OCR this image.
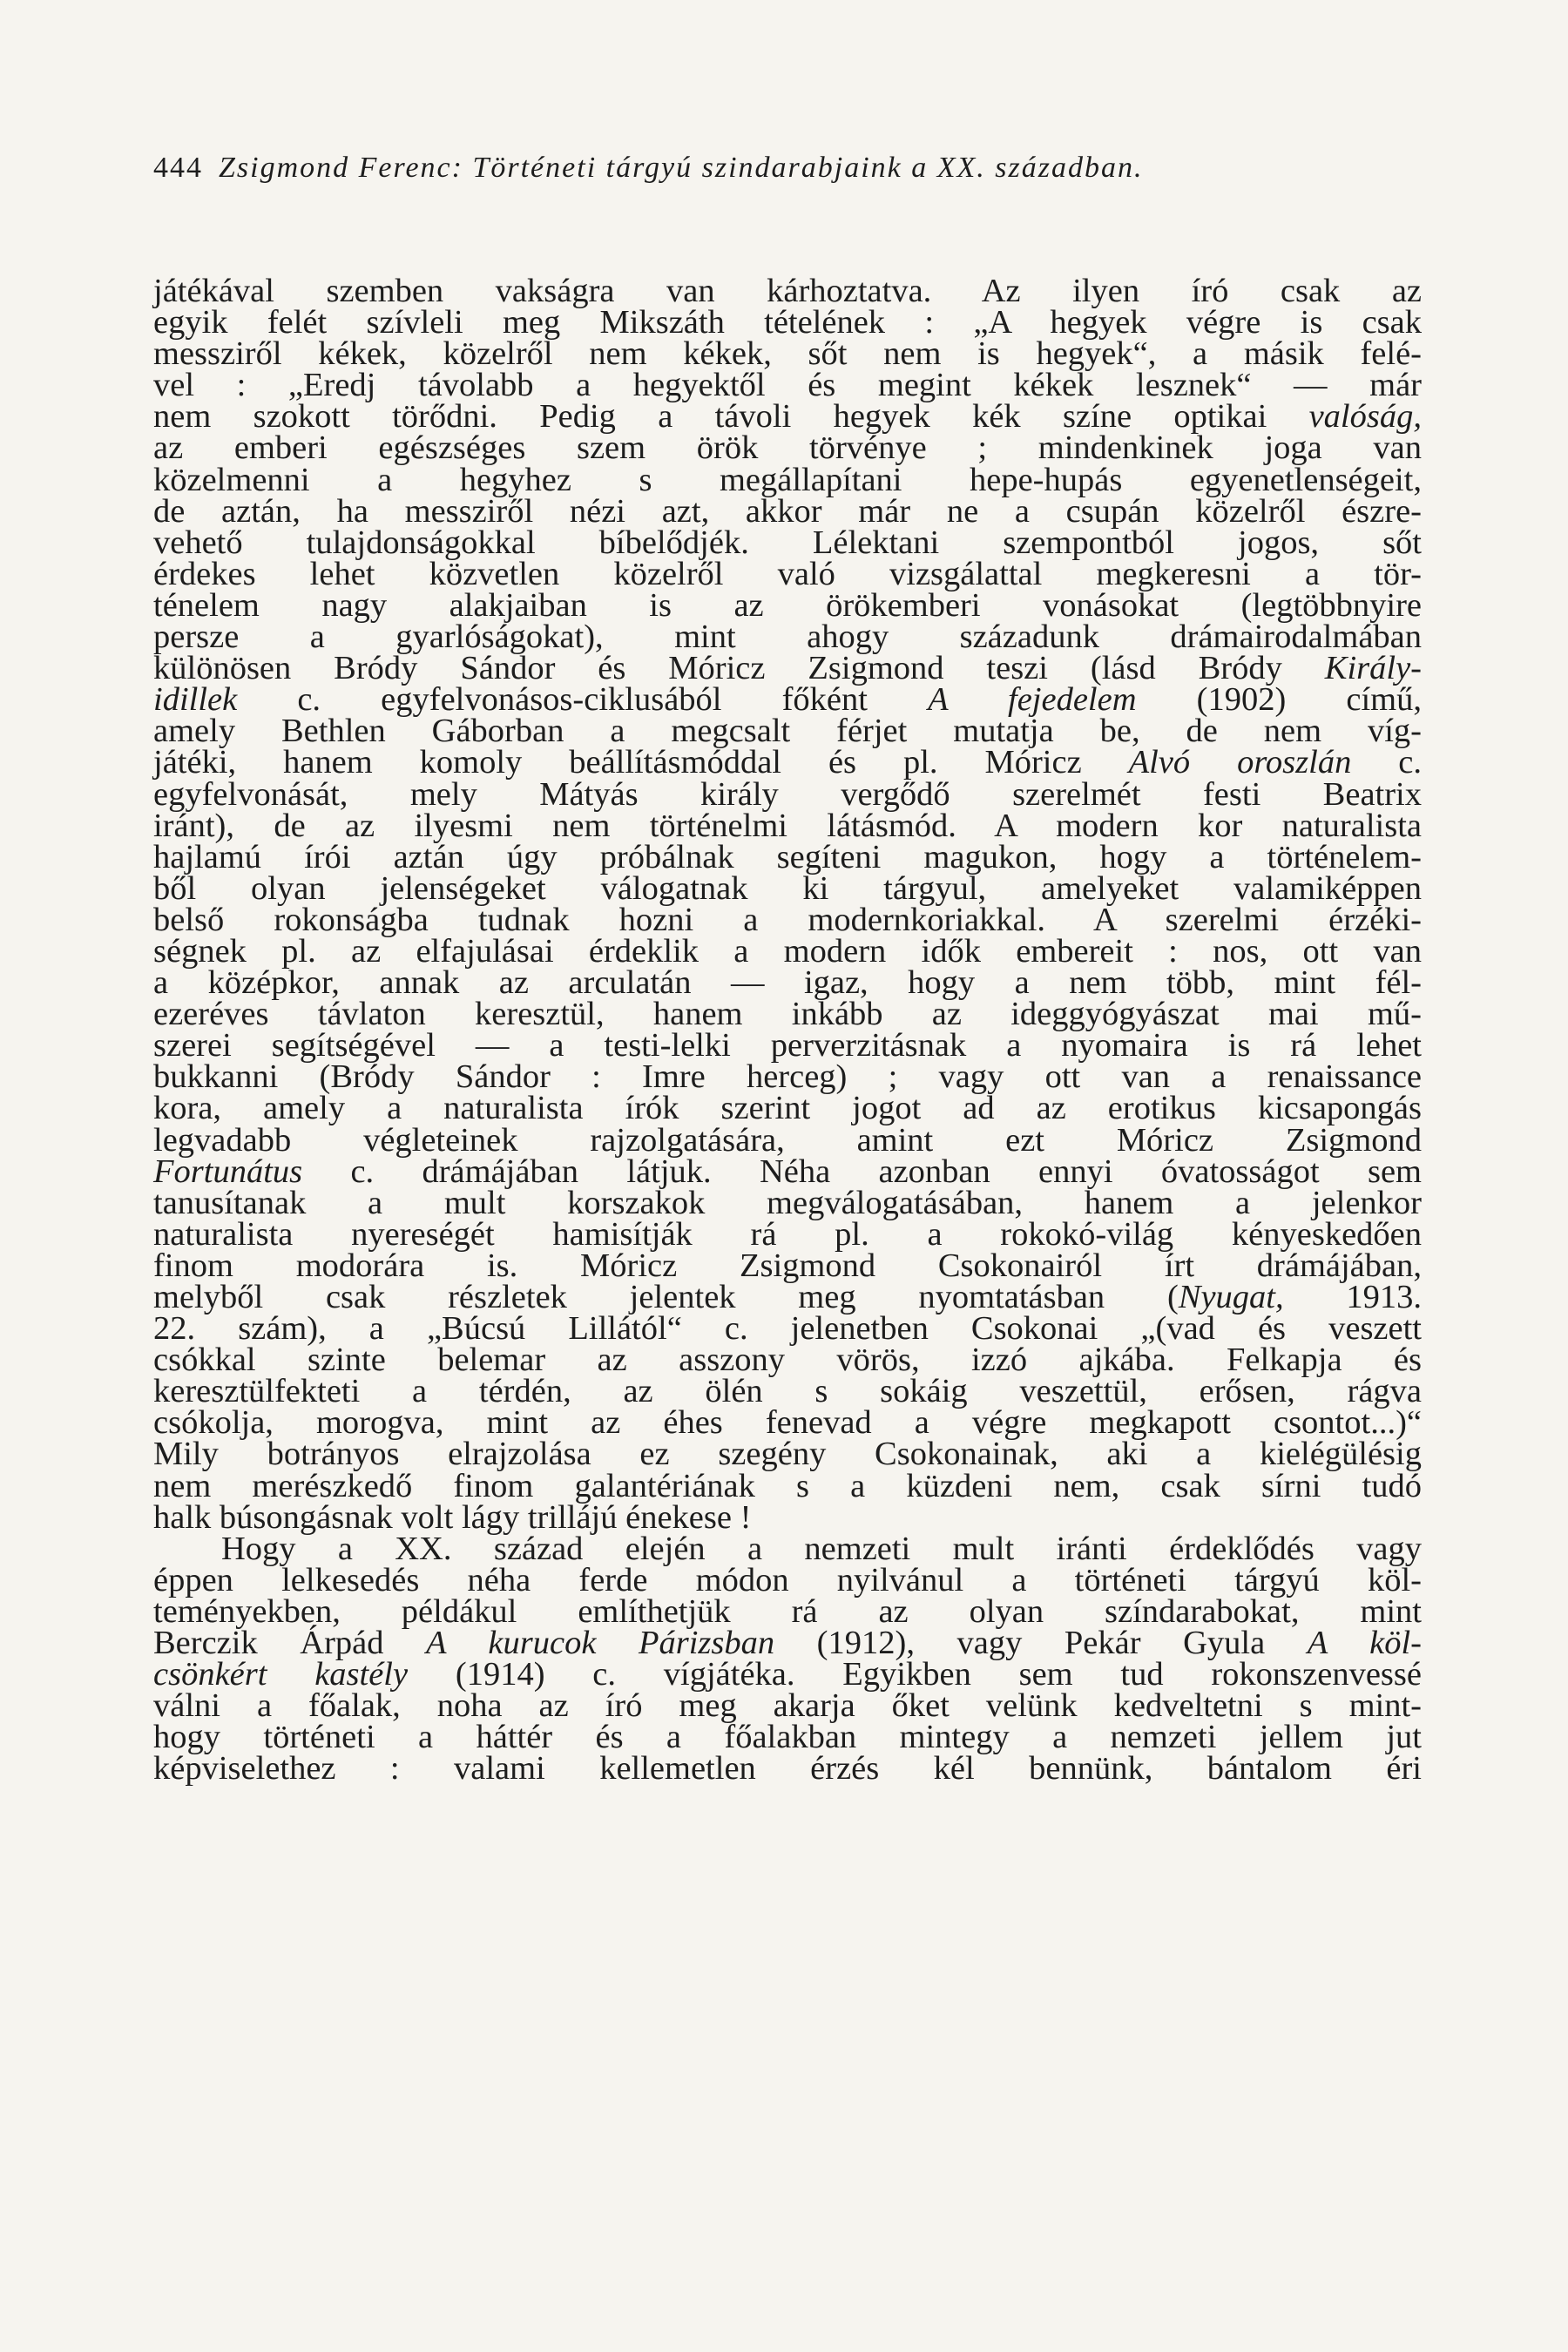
444 Zsigmond Ferenc: Történeti tárgyú szindarabjaink a XX. században.
játékával szemben vakságra van kárhoztatva. Az ilyen író csak az
egyik felét szívleli meg Mikszáth tételének : „A hegyek végre is csak
messziről kékek, közelről nem kékek, sőt nem is hegyek“, a másik felé-
vel : „Eredj távolabb a hegyektől és megint kékek lesznek“ — már
nem szokott törődni. Pedig a távoli hegyek kék színe optikai valóság,
az emberi egészséges szem örök törvénye ; mindenkinek joga van
közelmenni a hegyhez s megállapítani hepe-hupás egyenetlenségeit,
de aztán, ha messziről nézi azt, akkor már ne a csupán közelről észre-
vehető tulajdonságokkal bíbelődjék. Lélektani szempontból jogos, sőt
érdekes lehet közvetlen közelről való vizsgálattal megkeresni a tör-
ténelem nagy alakjaiban is az örökemberi vonásokat (legtöbbnyire
persze a gyarlóságokat), mint ahogy századunk drámairodalmában
különösen Bródy Sándor és Móricz Zsigmond teszi (lásd Bródy Király-
idillek c. egyfelvonásos-ciklusából főként A fejedelem (1902) című,
amely Bethlen Gáborban a megcsalt férjet mutatja be, de nem víg-
játéki, hanem komoly beállításmóddal és pl. Móricz Alvó oroszlán c.
egyfelvonását, mely Mátyás király vergődő szerelmét festi Beatrix
iránt), de az ilyesmi nem történelmi látásmód. A modern kor naturalista
hajlamú írói aztán úgy próbálnak segíteni magukon, hogy a történelem-
ből olyan jelenségeket válogatnak ki tárgyul, amelyeket valamiképpen
belső rokonságba tudnak hozni a modernkoriakkal. A szerelmi érzéki-
ségnek pl. az elfajulásai érdeklik a modern idők embereit : nos, ott van
a középkor, annak az arculatán — igaz, hogy a nem több, mint fél-
ezeréves távlaton keresztül, hanem inkább az ideggyógyászat mai mű-
szerei segítségével — a testi-lelki perverzitásnak a nyomaira is rá lehet
bukkanni (Bródy Sándor : Imre herceg) ; vagy ott van a renaissance
kora, amely a naturalista írók szerint jogot ad az erotikus kicsapongás
legvadabb végleteinek rajzolgatására, amint ezt Móricz Zsigmond
Fortunátus c. drámájában látjuk. Néha azonban ennyi óvatosságot sem
tanusítanak a mult korszakok megválogatásában, hanem a jelenkor
naturalista nyereségét hamisítják rá pl. a rokokó-világ kényeskedően
finom modorára is. Móricz Zsigmond Csokonairól írt drámájában,
melyből csak részletek jelentek meg nyomtatásban (Nyugat, 1913.
22. szám), a „Búcsú Lillától“ c. jelenetben Csokonai „(vad és veszett
csókkal szinte belemar az asszony vörös, izzó ajkába. Felkapja és
keresztülfekteti a térdén, az ölén s sokáig veszettül, erősen, rágva
csókolja, morogva, mint az éhes fenevad a végre megkapott csontot...)“
Mily botrányos elrajzolása ez szegény Csokonainak, aki a kielégülésig
nem merészkedő finom galantériának s a küzdeni nem, csak sírni tudó
halk búsongásnak volt lágy trillájú énekese !
Hogy a XX. század elején a nemzeti mult iránti érdeklődés vagy
éppen lelkesedés néha ferde módon nyilvánul a történeti tárgyú köl-
teményekben, példákul említhetjük rá az olyan színdarabokat, mint
Berczik Árpád A kurucok Párizsban (1912), vagy Pekár Gyula A köl-
csönkért kastély (1914) c. vígjátéka. Egyikben sem tud rokonszenvessé
válni a főalak, noha az író meg akarja őket velünk kedveltetni s mint-
hogy történeti a háttér és a főalakban mintegy a nemzeti jellem jut
képviselethez : valami kellemetlen érzés kél bennünk, bántalom éri
